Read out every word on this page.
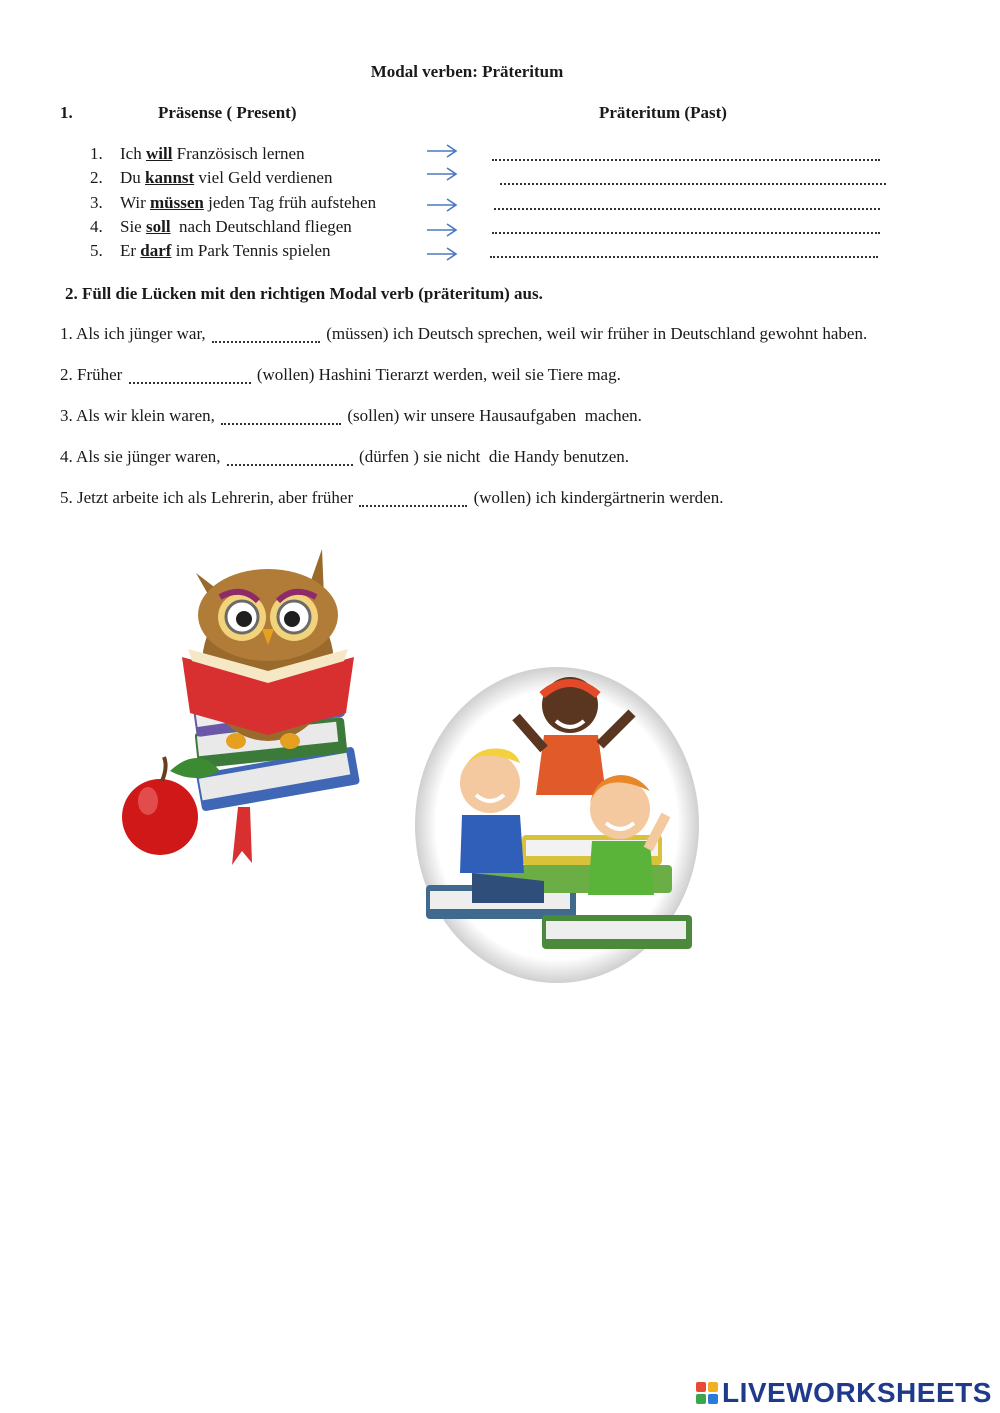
Modal verben: Präteritum
1.	Präsense ( Present)	Präteritum (Past)
1. Ich will Französisch lernen
2. Du kannst viel Geld verdienen
3. Wir müssen jeden Tag früh aufstehen
4. Sie soll  nach Deutschland fliegen
5. Er darf im Park Tennis spielen
2. Füll die Lücken mit den richtigen Modal verb (präteritum) aus.
1. Als ich jünger war,	(müssen) ich Deutsch sprechen, weil wir früher in Deutschland gewohnt haben.
2. Früher	(wollen) Hashini Tierarzt werden, weil sie Tiere mag.
3. Als wir klein waren,	(sollen) wir unsere Hausaufgaben  machen.
4. Als sie jünger waren,	(dürfen ) sie nicht  die Handy benutzen.
5. Jetzt arbeite ich als Lehrerin, aber früher	(wollen) ich kindergärtnerin werden.
LIVEWORKSHEETS
